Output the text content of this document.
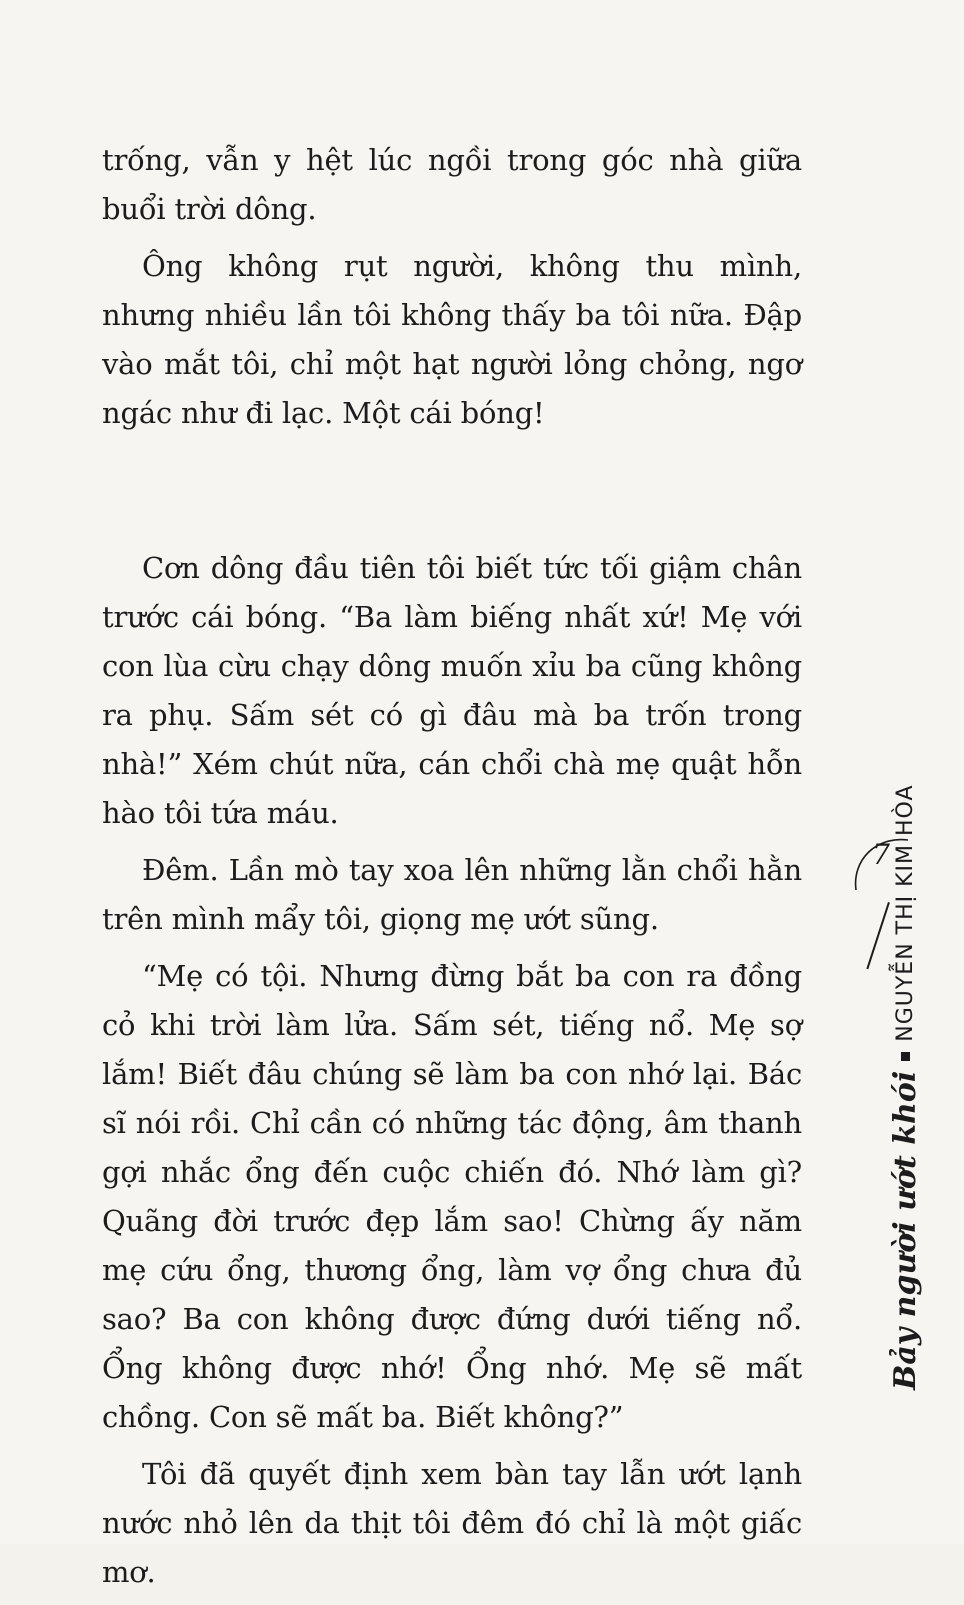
trống, vẫn y hệt lúc ngồi trong góc nhà giữa buổi trời dông.

Ông không rụt người, không thu mình, nhưng nhiều lần tôi không thấy ba tôi nữa. Đập vào mắt tôi, chỉ một hạt người lỏng chỏng, ngơ ngác như đi lạc. Một cái bóng!

Cơn dông đầu tiên tôi biết tức tối giậm chân trước cái bóng. “Ba làm biếng nhất xứ! Mẹ với con lùa cừu chạy dông muốn xỉu ba cũng không ra phụ. Sấm sét có gì đâu mà ba trốn trong nhà!” Xém chút nữa, cán chổi chà mẹ quật hỗn hào tôi tứa máu.

Đêm. Lần mò tay xoa lên những lằn chổi hằn trên mình mẩy tôi, giọng mẹ ướt sũng.

“Mẹ có tội. Nhưng đừng bắt ba con ra đồng cỏ khi trời làm lửa. Sấm sét, tiếng nổ. Mẹ sợ lắm! Biết đâu chúng sẽ làm ba con nhớ lại. Bác sĩ nói rồi. Chỉ cần có những tác động, âm thanh gợi nhắc ổng đến cuộc chiến đó. Nhớ làm gì? Quãng đời trước đẹp lắm sao! Chừng ấy năm mẹ cứu ổng, thương ổng, làm vợ ổng chưa đủ sao? Ba con không được đứng dưới tiếng nổ. Ổng không được nhớ! Ổng nhớ. Mẹ sẽ mất chồng. Con sẽ mất ba. Biết không?”

Tôi đã quyết định xem bàn tay lẫn ướt lạnh nước nhỏ lên da thịt tôi đêm đó chỉ là một giấc mơ.

7
Bảy người ướt khói
NGUYỄN THỊ KIM HÒA
